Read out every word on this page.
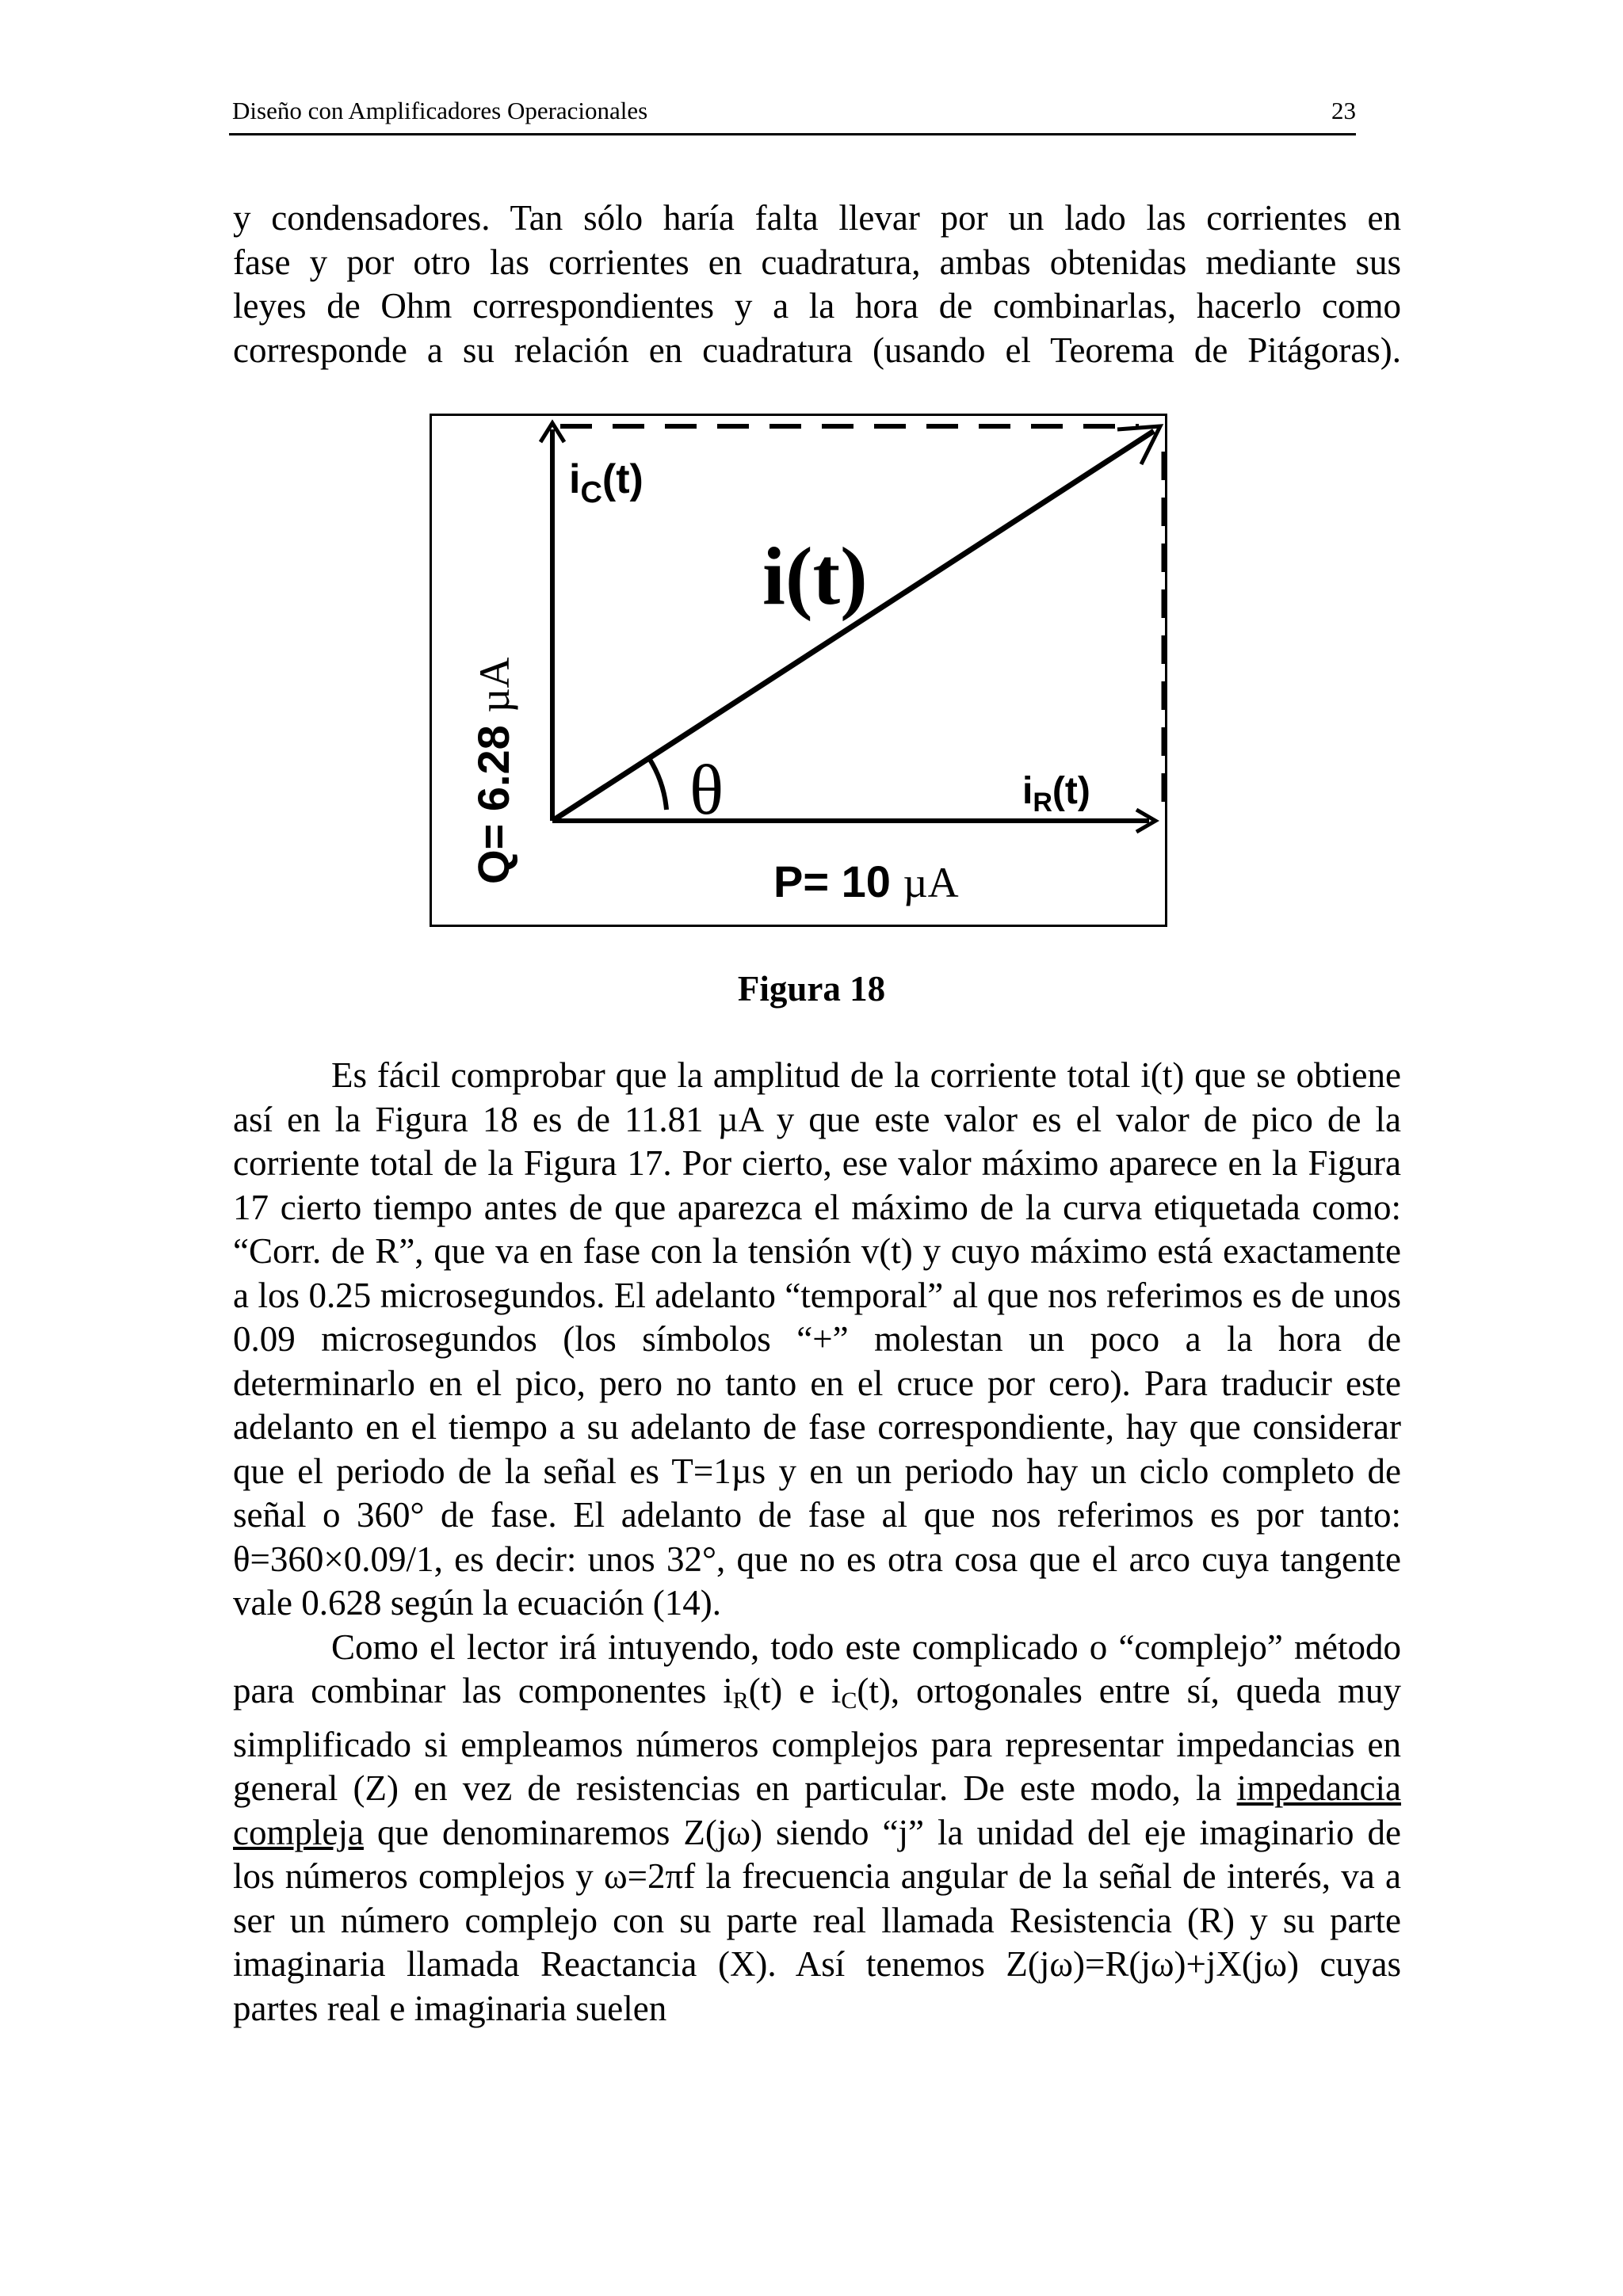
Diseño con Amplificadores Operacionales	23

y condensadores. Tan sólo haría falta llevar por un lado las corrientes en

fase y por otro las corrientes en cuadratura, ambas obtenidas mediante sus

leyes de Ohm correspondientes y a la hora de combinarlas, hacerlo como

corresponde a su relación en cuadratura (usando el Teorema de Pitágoras).

$i_C(t)$
i(t)
θ	$i_R(t)$
P= 10 µA
Q= 6.28 µA
Figura 18

Es fácil comprobar que la amplitud de la corriente total i(t) que se obtiene así en la Figura 18 es de 11.81 µA y que este valor es el valor de pico de la corriente total de la Figura 17. Por cierto, ese valor máximo aparece en la Figura 17 cierto tiempo antes de que aparezca el máximo de la curva etiquetada como: “Corr. de R”, que va en fase con la tensión v(t) y cuyo máximo está exactamente a los 0.25 microsegundos. El adelanto “temporal” al que nos referimos es de unos 0.09 microsegundos (los símbolos “+” molestan un poco a la hora de determinarlo en el pico, pero no tanto en el cruce por cero). Para traducir este adelanto en el tiempo a su adelanto de fase correspondiente, hay que considerar que el periodo de la señal es T=1µs y en un periodo hay un ciclo completo de señal o 360° de fase. El adelanto de fase al que nos referimos es por tanto: θ=360×0.09/1, es decir: unos 32°, que no es otra cosa que el arco cuya tangente vale 0.628 según la ecuación (14).

Como el lector irá intuyendo, todo este complicado o “complejo” método para combinar las componentes $i_R(t)$ e $i_C(t)$, ortogonales entre sí, queda muy simplificado si empleamos números complejos para representar impedancias en general (Z) en vez de resistencias en particular. De este modo, la impedancia compleja que denominaremos Z(jω) siendo “j” la unidad del eje imaginario de los números complejos y ω=2πf la frecuencia angular de la señal de interés, va a ser un número complejo con su parte real llamada Resistencia (R) y su parte imaginaria llamada Reactancia (X). Así tenemos Z(jω)=R(jω)+jX(jω) cuyas partes real e imaginaria suelen
